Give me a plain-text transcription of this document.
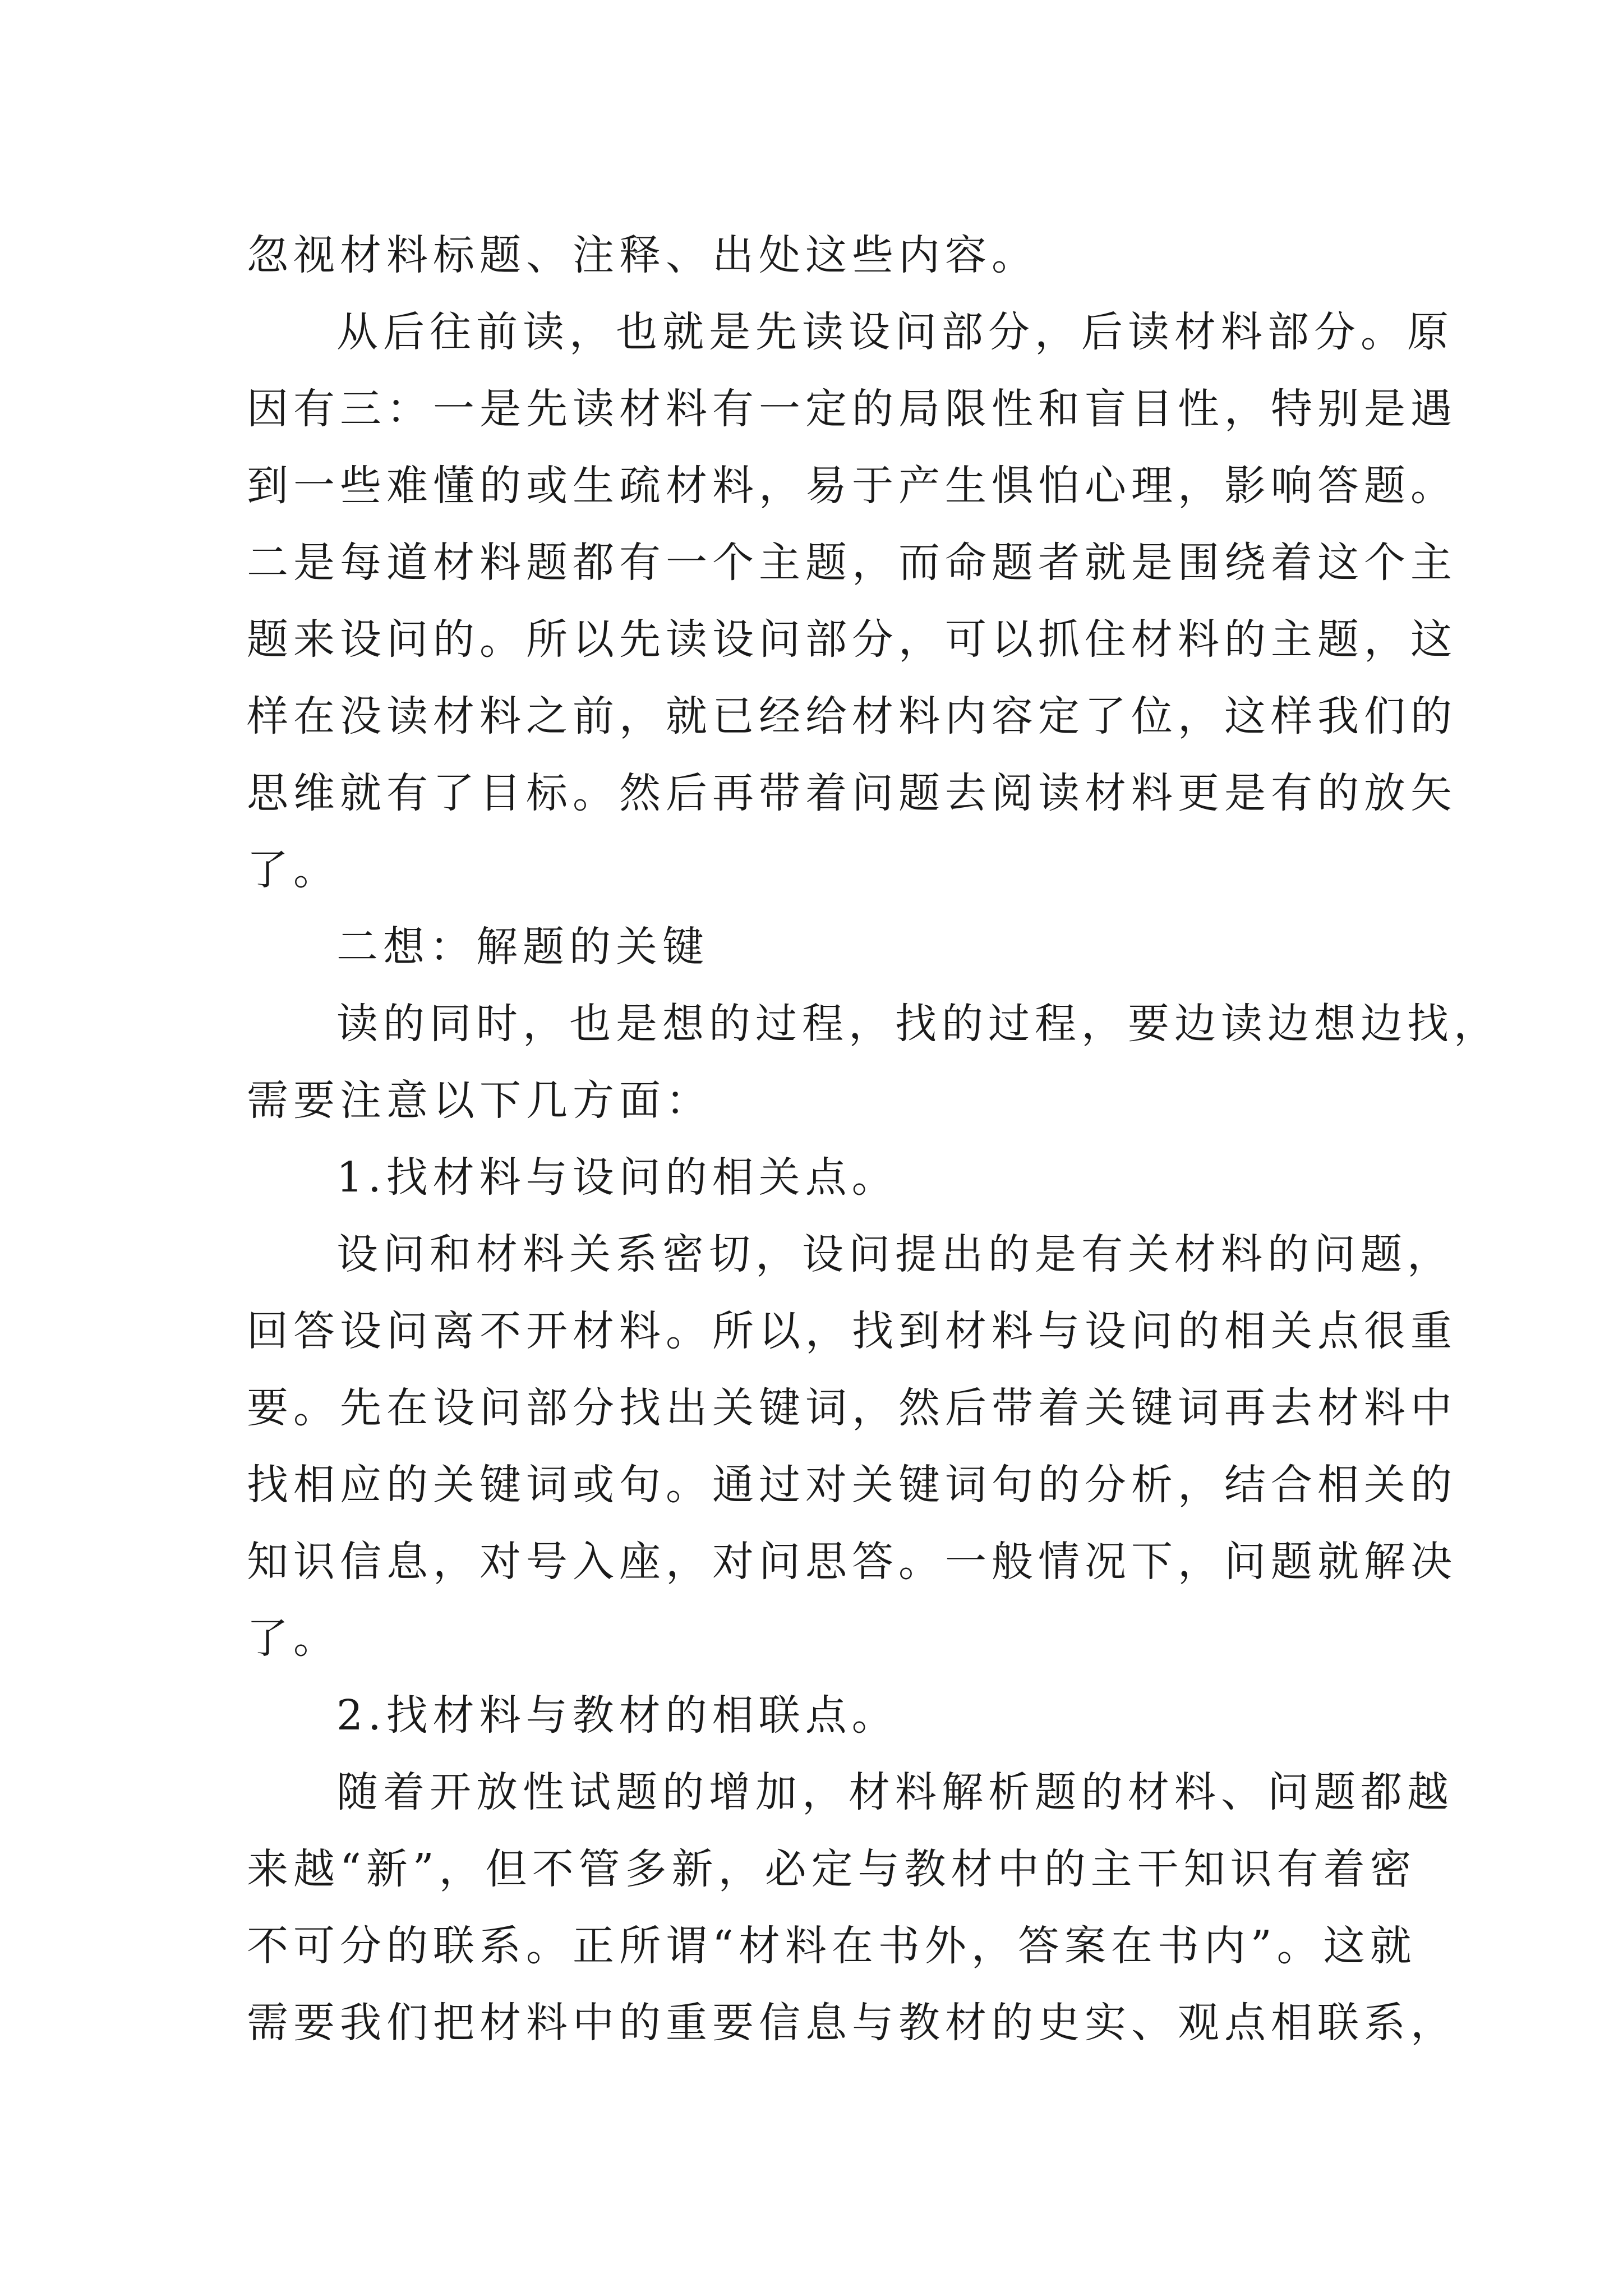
忽视材料标题、注释、出处这些内容。

从后往前读，也就是先读设问部分，后读材料部分。原

因有三：一是先读材料有一定的局限性和盲目性，特别是遇

到一些难懂的或生疏材料，易于产生惧怕心理，影响答题。

二是每道材料题都有一个主题，而命题者就是围绕着这个主

题来设问的。所以先读设问部分，可以抓住材料的主题，这

样在没读材料之前，就已经给材料内容定了位，这样我们的

思维就有了目标。然后再带着问题去阅读材料更是有的放矢

了。

二想：解题的关键

读的同时，也是想的过程，找的过程，要边读边想边找，

需要注意以下几方面：

1.找材料与设问的相关点。

设问和材料关系密切，设问提出的是有关材料的问题，

回答设问离不开材料。所以，找到材料与设问的相关点很重

要。先在设问部分找出关键词，然后带着关键词再去材料中

找相应的关键词或句。通过对关键词句的分析，结合相关的

知识信息，对号入座，对问思答。一般情况下，问题就解决

了。

2.找材料与教材的相联点。

随着开放性试题的增加，材料解析题的材料、问题都越

来越“新”，但不管多新，必定与教材中的主干知识有着密

不可分的联系。正所谓“材料在书外，答案在书内”。这就

需要我们把材料中的重要信息与教材的史实、观点相联系，
